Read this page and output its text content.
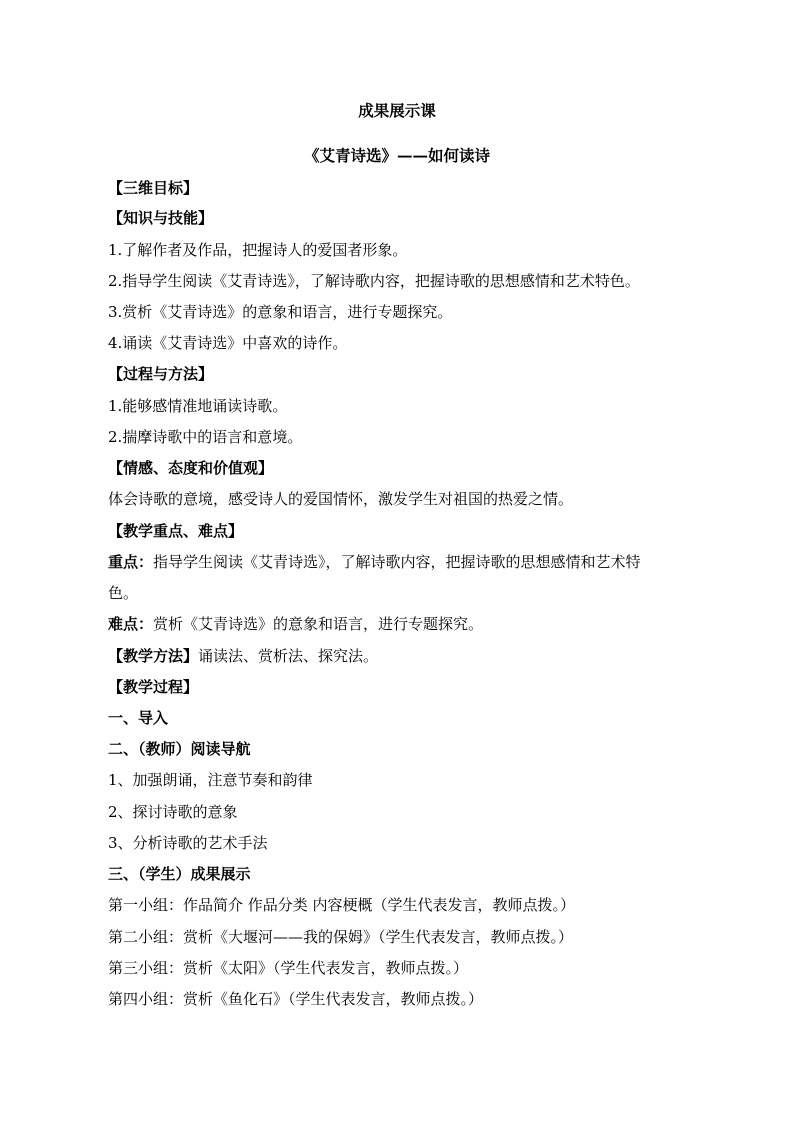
成果展示课
《艾青诗选》——如何读诗
【三维目标】
【知识与技能】
1.了解作者及作品，把握诗人的爱国者形象。
2.指导学生阅读《艾青诗选》，了解诗歌内容，把握诗歌的思想感情和艺术特色。
3.赏析《艾青诗选》的意象和语言，进行专题探究。
4.诵读《艾青诗选》中喜欢的诗作。
【过程与方法】
1.能够感情准地诵读诗歌。
2.揣摩诗歌中的语言和意境。
【情感、态度和价值观】
体会诗歌的意境，感受诗人的爱国情怀，激发学生对祖国的热爱之情。
【教学重点、难点】
重点：指导学生阅读《艾青诗选》，了解诗歌内容，把握诗歌的思想感情和艺术特
色。
难点：赏析《艾青诗选》的意象和语言，进行专题探究。
【教学方法】诵读法、赏析法、探究法。
【教学过程】
一、导入
二、（教师）阅读导航
1、加强朗诵，注意节奏和韵律
2、探讨诗歌的意象
3、分析诗歌的艺术手法
三、（学生）成果展示
第一小组：作品简介 作品分类 内容梗概（学生代表发言，教师点拨。）
第二小组：赏析《大堰河——我的保姆》（学生代表发言，教师点拨。）
第三小组：赏析《太阳》（学生代表发言，教师点拨。）
第四小组：赏析《鱼化石》（学生代表发言，教师点拨。）
